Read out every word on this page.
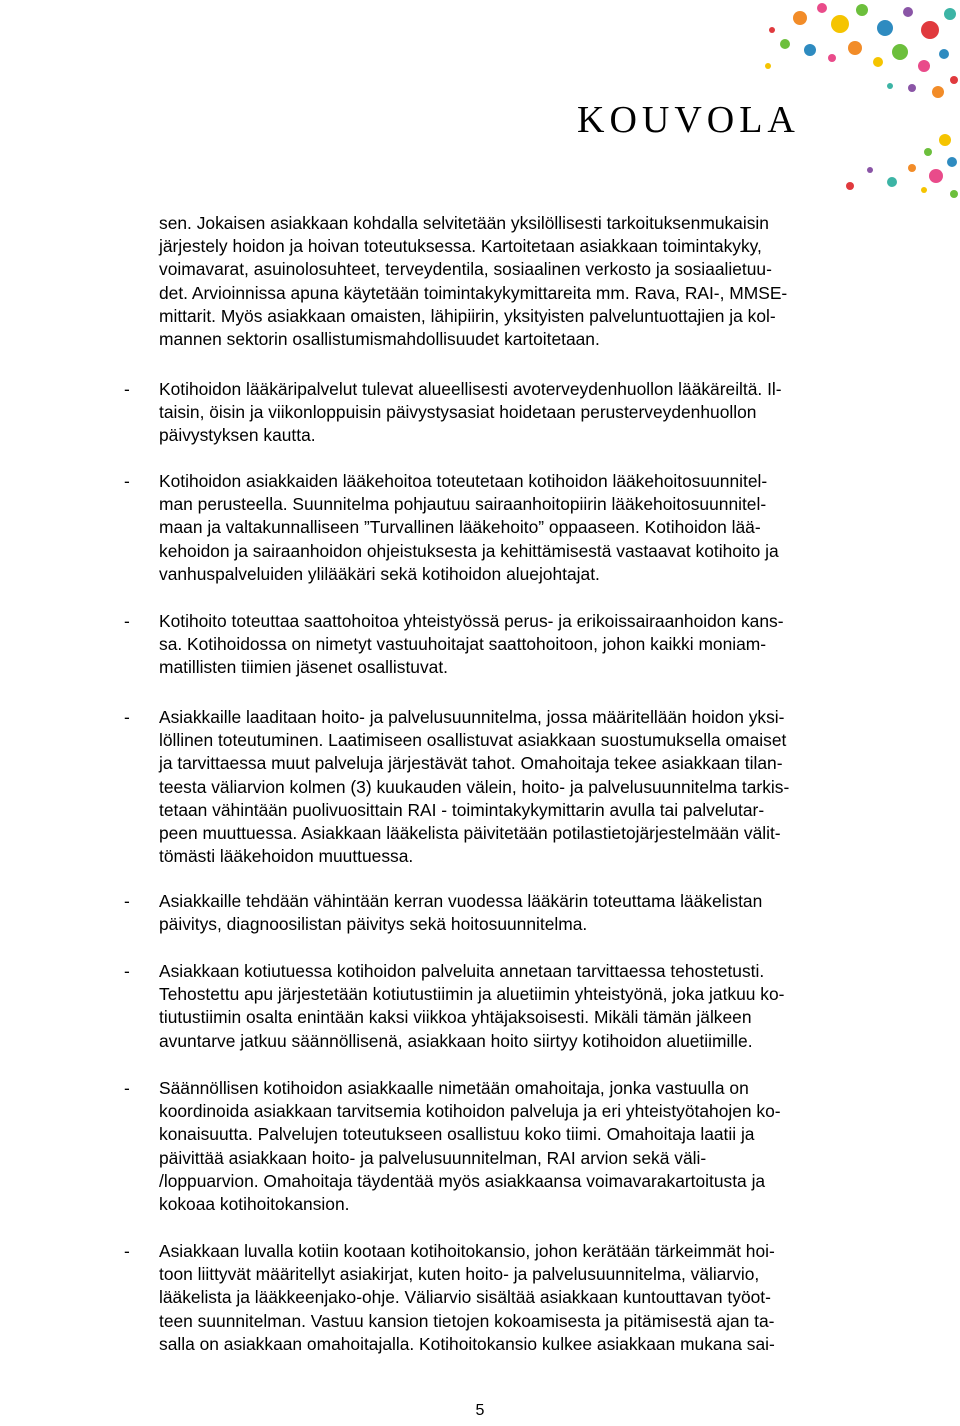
KOUVOLA
sen. Jokaisen asiakkaan kohdalla selvitetään yksilöllisesti tarkoituksenmukaisin
järjestely hoidon ja hoivan toteutuksessa. Kartoitetaan asiakkaan toimintakyky,
voimavarat, asuinolosuhteet, terveydentila, sosiaalinen verkosto ja sosiaalietuu-
det. Arvioinnissa apuna käytetään toimintakykymittareita mm. Rava, RAI-, MMSE-
mittarit. Myös asiakkaan omaisten, lähipiirin, yksityisten palveluntuottajien ja kol-
mannen sektorin osallistumismahdollisuudet kartoitetaan.
-	Kotihoidon lääkäripalvelut tulevat alueellisesti avoterveydenhuollon lääkäreiltä. Il-
taisin, öisin ja viikonloppuisin päivystysasiat hoidetaan perusterveydenhuollon
päivystyksen kautta.
-	Kotihoidon asiakkaiden lääkehoitoa toteutetaan kotihoidon lääkehoitosuunnitel-
man perusteella. Suunnitelma pohjautuu sairaanhoitopiirin lääkehoitosuunnitel-
maan ja valtakunnalliseen ”Turvallinen lääkehoito” oppaaseen. Kotihoidon lää-
kehoidon ja sairaanhoidon ohjeistuksesta ja kehittämisestä vastaavat kotihoito ja
vanhuspalveluiden ylilääkäri sekä kotihoidon aluejohtajat.
-	Kotihoito toteuttaa saattohoitoa yhteistyössä perus- ja erikoissairaanhoidon kans-
sa. Kotihoidossa on nimetyt vastuuhoitajat saattohoitoon, johon kaikki moniam-
matillisten tiimien jäsenet osallistuvat.
-	Asiakkaille laaditaan hoito- ja palvelusuunnitelma, jossa määritellään hoidon yksi-
löllinen toteutuminen. Laatimiseen osallistuvat asiakkaan suostumuksella omaiset
ja tarvittaessa muut palveluja järjestävät tahot. Omahoitaja tekee asiakkaan tilan-
teesta väliarvion kolmen (3) kuukauden välein, hoito- ja palvelusuunnitelma tarkis-
tetaan vähintään puolivuosittain RAI - toimintakykymittarin avulla tai palvelutar-
peen muuttuessa. Asiakkaan lääkelista päivitetään potilastietojärjestelmään välit-
tömästi lääkehoidon muuttuessa.
-	Asiakkaille tehdään vähintään kerran vuodessa lääkärin toteuttama lääkelistan
päivitys, diagnoosilistan päivitys sekä hoitosuunnitelma.
-	Asiakkaan kotiutuessa kotihoidon palveluita annetaan tarvittaessa tehostetusti.
Tehostettu apu järjestetään kotiutustiimin ja aluetiimin yhteistyönä, joka jatkuu ko-
tiutustiimin osalta enintään kaksi viikkoa yhtäjaksoisesti. Mikäli tämän jälkeen
avuntarve jatkuu säännöllisenä, asiakkaan hoito siirtyy kotihoidon aluetiimille.
-	Säännöllisen kotihoidon asiakkaalle nimetään omahoitaja, jonka vastuulla on
koordinoida asiakkaan tarvitsemia kotihoidon palveluja ja eri yhteistyötahojen ko-
konaisuutta. Palvelujen toteutukseen osallistuu koko tiimi. Omahoitaja laatii ja
päivittää asiakkaan hoito- ja palvelusuunnitelman, RAI arvion sekä väli-
/loppuarvion. Omahoitaja täydentää myös asiakkaansa voimavarakartoitusta ja
kokoaa kotihoitokansion.
-	Asiakkaan luvalla kotiin kootaan kotihoitokansio, johon kerätään tärkeimmät hoi-
toon liittyvät määritellyt asiakirjat, kuten hoito- ja palvelusuunnitelma, väliarvio,
lääkelista ja lääkkeenjako-ohje. Väliarvio sisältää asiakkaan kuntouttavan työot-
teen suunnitelman. Vastuu kansion tietojen kokoamisesta ja pitämisestä ajan ta-
salla on asiakkaan omahoitajalla. Kotihoitokansio kulkee asiakkaan mukana sai-
5
